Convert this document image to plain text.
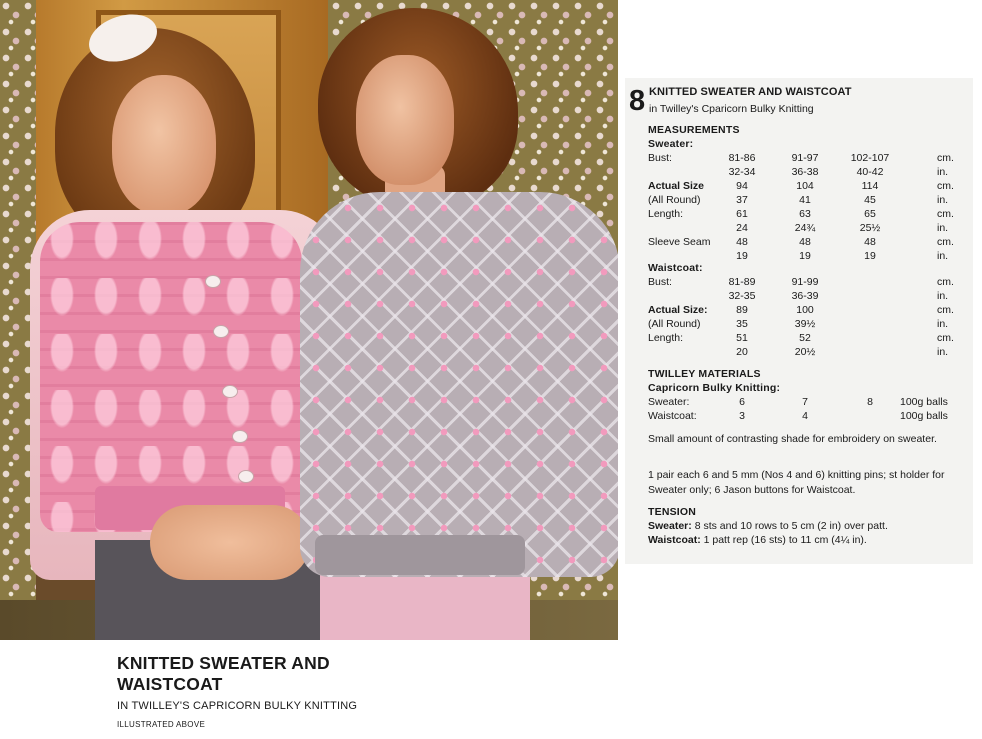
KNITTED SWEATER AND
WAISTCOAT
IN TWILLEY'S CAPRICORN BULKY KNITTING
ILLUSTRATED ABOVE
8 KNITTED SWEATER AND WAISTCOAT
in Twilley's Cparicorn Bulky Knitting
MEASUREMENTS
Sweater:
Waistcoat:
TWILLEY MATERIALS
Capricorn Bulky Knitting:
Small amount of contrasting shade for embroidery on sweater.
1 pair each 6 and 5 mm (Nos 4 and 6) knitting pins; st holder for Sweater only; 6 Jason buttons for Waistcoat.
TENSION
Sweater: 8 sts and 10 rows to 5 cm (2 in) over patt.
Waistcoat: 1 patt rep (16 sts) to 11 cm (4¼ in).
Bust:	81-86	91-97	102-107	cm.
32-34	36-38	40-42	in.
Actual Size	94	104	114	cm.
(All Round)	37	41	45	in.
Length:	61	63	65	cm.
24	24¾	25½	in.
Sleeve Seam	48	48	48	cm.
19	19	19	in.
Bust:	81-89	91-99	cm.
32-35	36-39	in.
Actual Size:	89	100	cm.
(All Round)	35	39½	in.
Length:	51	52	cm.
20	20½	in.
Sweater:	6	7	8	100g balls
Waistcoat:	3	4	100g balls
